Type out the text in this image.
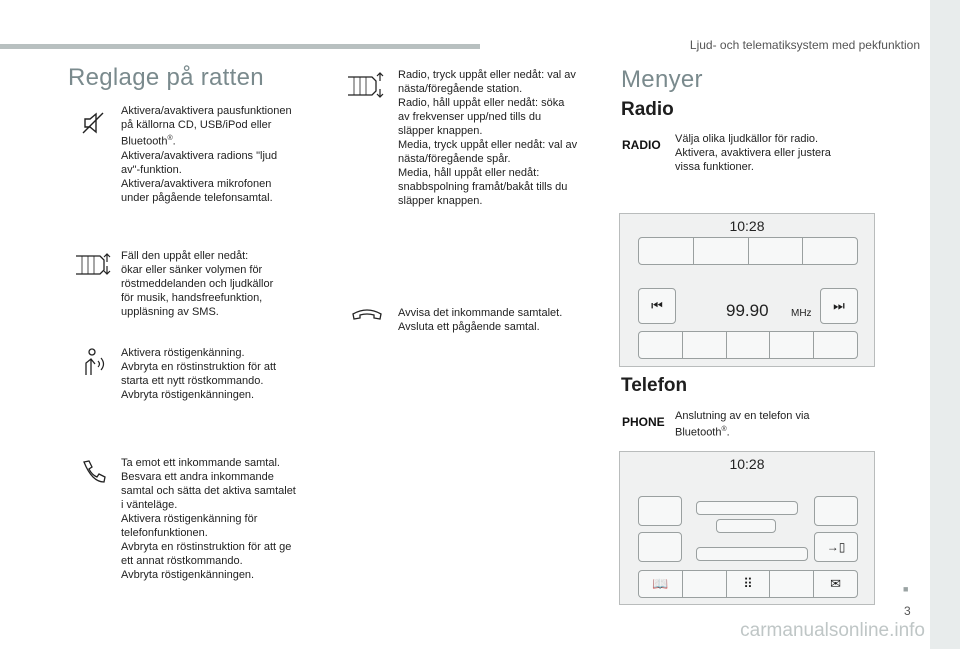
Ljud- och telematiksystem med pekfunktion
Reglage på ratten
Aktivera/avaktivera pausfunktionen
på källorna CD, USB/iPod eller
Bluetooth®.
Aktivera/avaktivera radions "ljud
av"-funktion.
Aktivera/avaktivera mikrofonen
under pågående telefonsamtal.
Fäll den uppåt eller nedåt:
ökar eller sänker volymen för
röstmeddelanden och ljudkällor
för musik, handsfreefunktion,
uppläsning av SMS.
Aktivera röstigenkänning.
Avbryta en röstinstruktion för att
starta ett nytt röstkommando.
Avbryta röstigenkänningen.
Ta emot ett inkommande samtal.
Besvara ett andra inkommande
samtal och sätta det aktiva samtalet
i vänteläge.
Aktivera röstigenkänning för
telefonfunktionen.
Avbryta en röstinstruktion för att ge
ett annat röstkommando.
Avbryta röstigenkänningen.
Radio, tryck uppåt eller nedåt: val av
nästa/föregående station.
Radio, håll uppåt eller nedåt: söka
av frekvenser upp/ned tills du
släpper knappen.
Media, tryck uppåt eller nedåt: val av
nästa/föregående spår.
Media, håll uppåt eller nedåt:
snabbspolning framåt/bakåt tills du
släpper knappen.
Avvisa det inkommande samtalet.
Avsluta ett pågående samtal.
Menyer
Radio
RADIO Välja olika ljudkällor för radio.
Aktivera, avaktivera eller justera
vissa funktioner.
10:28
⏮	99.90 MHz
⏭
Telefon
PHONE Anslutning av en telefon via
Bluetooth®.
10:28
→▯
📖	⠿	✉	■
3
carmanualsonline.info
